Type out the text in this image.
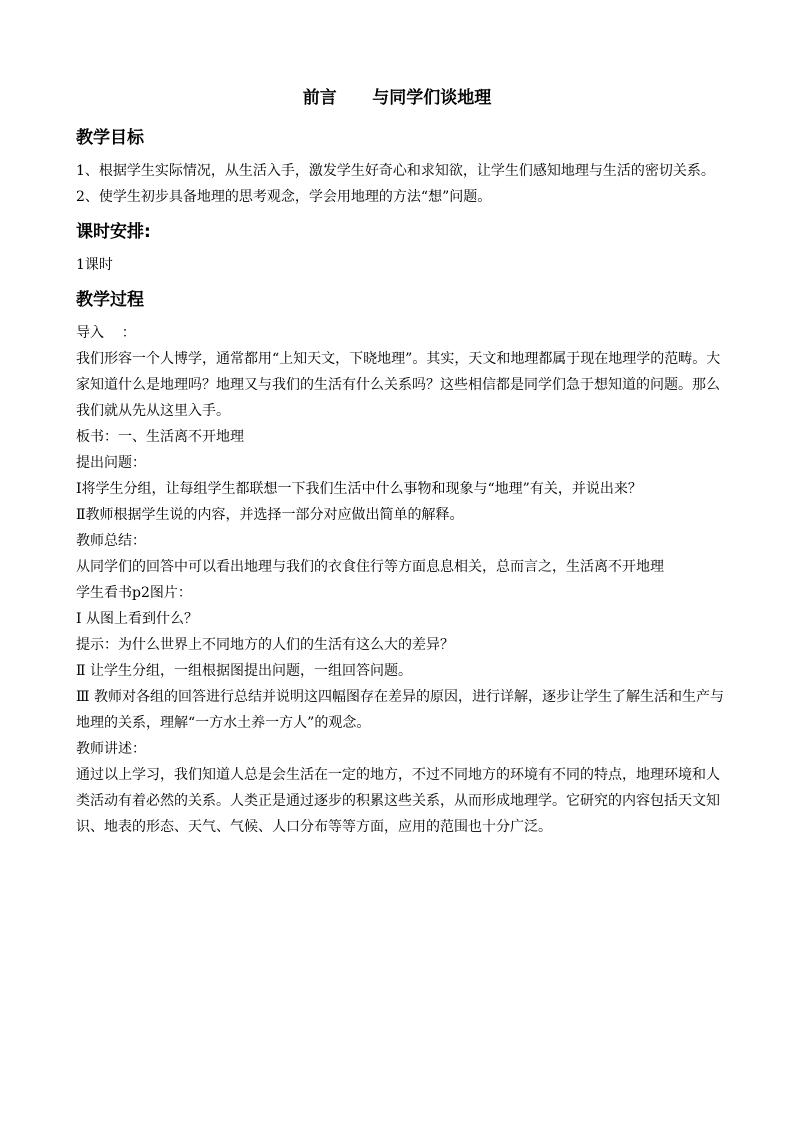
前言      与同学们谈地理
教学目标

1、根据学生实际情况，从生活入手，激发学生好奇心和求知欲，让学生们感知地理与生活的密切关系。

2、使学生初步具备地理的思考观念，学会用地理的方法“想”问题。

课时安排:

1课时

教学过程

导入    ：

我们形容一个人博学，通常都用“上知天文，下晓地理”。其实，天文和地理都属于现在地理学的范畴。大家知道什么是地理吗？地理又与我们的生活有什么关系吗？这些相信都是同学们急于想知道的问题。那么我们就从先从这里入手。

板书：一、生活离不开地理

提出问题：

Ⅰ将学生分组，让每组学生都联想一下我们生活中什么事物和现象与“地理”有关，并说出来？

Ⅱ教师根据学生说的内容，并选择一部分对应做出简单的解释。

教师总结：

从同学们的回答中可以看出地理与我们的衣食住行等方面息息相关，总而言之，生活离不开地理

学生看书p2图片：

Ⅰ 从图上看到什么？

提示：为什么世界上不同地方的人们的生活有这么大的差异？

Ⅱ 让学生分组，一组根据图提出问题，一组回答问题。

Ⅲ 教师对各组的回答进行总结并说明这四幅图存在差异的原因，进行详解，逐步让学生了解生活和生产与地理的关系，理解“一方水土养一方人”的观念。

教师讲述：

通过以上学习，我们知道人总是会生活在一定的地方，不过不同地方的环境有不同的特点，地理环境和人类活动有着必然的关系。人类正是通过逐步的积累这些关系，从而形成地理学。它研究的内容包括天文知识、地表的形态、天气、气候、人口分布等等方面，应用的范围也十分广泛。
